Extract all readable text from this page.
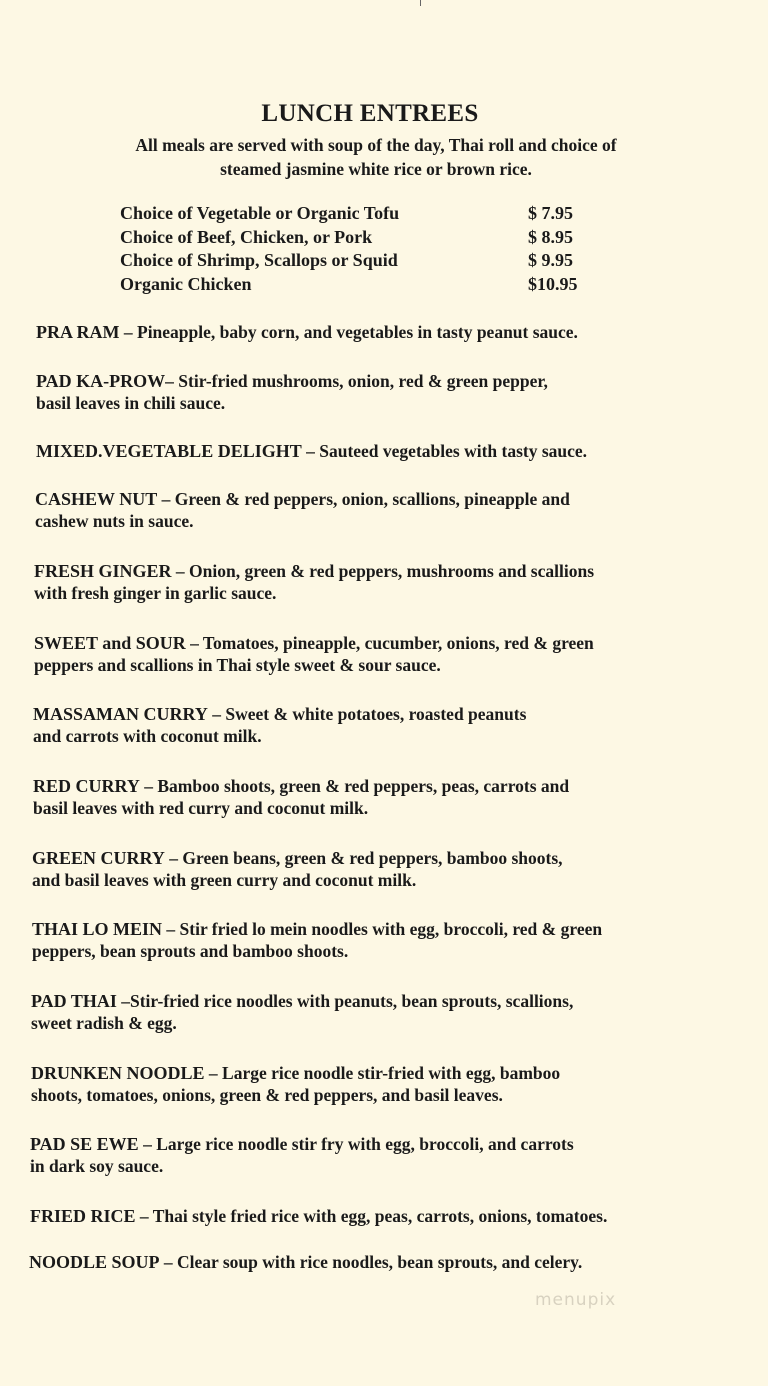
LUNCH ENTREES
All meals are served with soup of the day, Thai roll and choice of
steamed jasmine white rice or brown rice.
Choice of Vegetable or Organic Tofu	$ 7.95
Choice of Beef, Chicken, or Pork	$ 8.95
Choice of Shrimp, Scallops or Squid	$ 9.95
Organic Chicken	$10.95
PRA RAM – Pineapple, baby corn, and vegetables in tasty peanut sauce.
PAD KA-PROW– Stir-fried mushrooms, onion, red & green pepper,
basil leaves in chili sauce.
MIXED.VEGETABLE DELIGHT – Sauteed vegetables with tasty sauce.
CASHEW NUT – Green & red peppers, onion, scallions, pineapple and
cashew nuts in sauce.
FRESH GINGER – Onion, green & red peppers, mushrooms and scallions
with fresh ginger in garlic sauce.
SWEET and SOUR – Tomatoes, pineapple, cucumber, onions, red & green
peppers and scallions in Thai style sweet & sour sauce.
MASSAMAN CURRY – Sweet & white potatoes, roasted peanuts
and carrots with coconut milk.
RED CURRY – Bamboo shoots, green & red peppers, peas, carrots and
basil leaves with red curry and coconut milk.
GREEN CURRY – Green beans, green & red peppers, bamboo shoots,
and basil leaves with green curry and coconut milk.
THAI LO MEIN – Stir fried lo mein noodles with egg, broccoli, red & green
peppers, bean sprouts and bamboo shoots.
PAD THAI –Stir-fried rice noodles with peanuts, bean sprouts, scallions,
sweet radish & egg.
DRUNKEN NOODLE – Large rice noodle stir-fried with egg, bamboo
shoots, tomatoes, onions, green & red peppers, and basil leaves.
PAD SE EWE – Large rice noodle stir fry with egg, broccoli, and carrots
in dark soy sauce.
FRIED RICE – Thai style fried rice with egg, peas, carrots, onions, tomatoes.
NOODLE SOUP – Clear soup with rice noodles, bean sprouts, and celery.
menupix
